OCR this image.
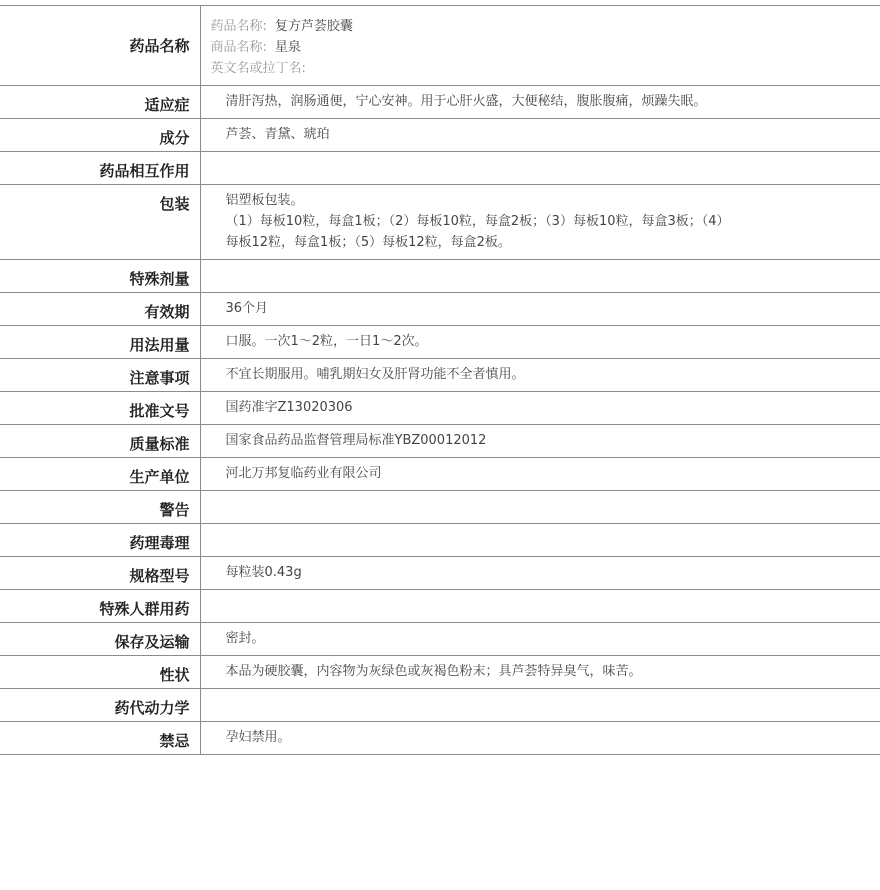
药品名称	药品名称: 复方芦荟胶囊
商品名称: 星泉
英文名或拉丁名:

适应症	清肝泻热，润肠通便，宁心安神。用于心肝火盛，大便秘结，腹胀腹痛，烦躁失眠。
成分	芦荟、青黛、琥珀
药品相互作用	
包装	铝塑板包装。
（1）每板10粒，每盒1板；（2）每板10粒，每盒2板；（3）每板10粒，每盒3板；（4）每板12粒，每盒1板；（5）每板12粒，每盒2板。

特殊剂量	
有效期	36个月
用法用量	口服。一次1～2粒，一日1～2次。
注意事项	不宜长期服用。哺乳期妇女及肝肾功能不全者慎用。
批准文号	国药准字Z13020306
质量标准	国家食品药品监督管理局标准YBZ00012012
生产单位	河北万邦复临药业有限公司
警告	
药理毒理	
规格型号	每粒装0.43g
特殊人群用药	
保存及运输	密封。
性状	本品为硬胶囊，内容物为灰绿色或灰褐色粉末；具芦荟特异臭气，味苦。
药代动力学	
禁忌	孕妇禁用。
